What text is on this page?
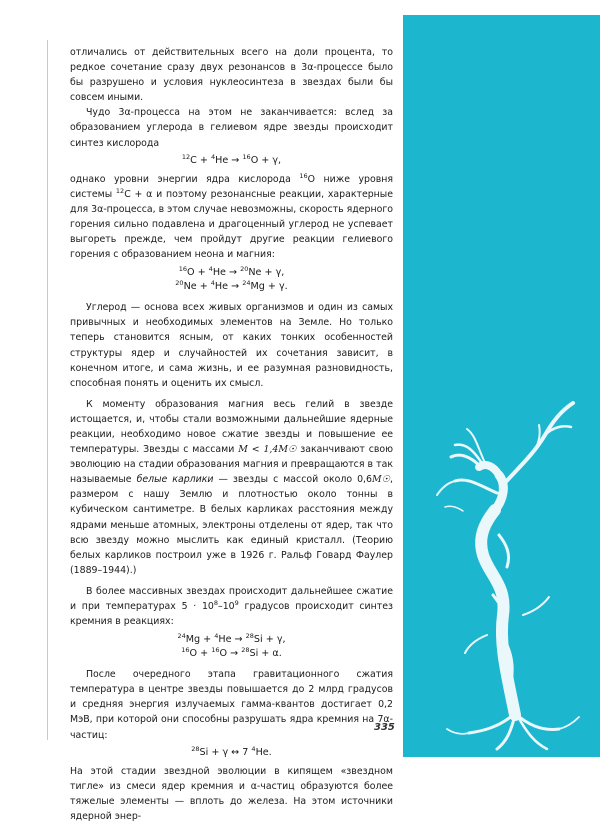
отличались от действительных всего на доли процента, то редкое сочетание сразу двух резонансов в 3α-процессе было бы разрушено и условия нуклеосинтеза в звездах были бы совсем иными.

Чудо 3α-процесса на этом не заканчивается: вслед за образованием углерода в гелиевом ядре звезды происходит синтез кислорода

$^{12}$C + $^4$He → $^{16}$O + γ,

однако уровни энергии ядра кислорода $^{16}$O ниже уровня системы $^{12}$C + α и поэтому резонансные реакции, характерные для 3α-процесса, в этом случае невозможны, скорость ядерного горения сильно подавлена и драгоценный углерод не успевает выгореть прежде, чем пройдут другие реакции гелиевого горения с образованием неона и магния:

$^{16}$O + $^4$He → $^{20}$Ne + γ,
$^{20}$Ne + $^4$He → $^{24}$Mg + γ.

Углерод — основа всех живых организмов и один из самых привычных и необходимых элементов на Земле. Но только теперь становится ясным, от каких тонких особенностей структуры ядер и случайностей их сочетания зависит, в конечном итоге, и сама жизнь, и ее разумная разновидность, способная понять и оценить их смысл.

К моменту образования магния весь гелий в звезде истощается, и, чтобы стали возможными дальнейшие ядерные реакции, необходимо новое сжатие звезды и повышение ее температуры. Звезды с массами M < 1,4M☉ заканчивают свою эволюцию на стадии образования магния и превращаются в так называемые белые карлики — звезды с массой около 0,6M☉, размером с нашу Землю и плотностью около тонны в кубическом сантиметре. В белых карликах расстояния между ядрами меньше атомных, электроны отделены от ядер, так что всю звезду можно мыслить как единый кристалл. (Теорию белых карликов построил уже в 1926 г. Ральф Говард Фаулер (1889–1944).)

В более массивных звездах происходит дальнейшее сжатие и при температурах $5 \cdot 10^8-10^9$ градусов происходит синтез кремния в реакциях:

$^{24}$Mg + $^4$He → $^{28}$Si + γ,
$^{16}$O + $^{16}$O → $^{28}$Si + α.

После очередного этапа гравитационного сжатия температура в центре звезды повышается до 2 млрд градусов и средняя энергия излучаемых гамма-квантов достигает 0,2 МэВ, при которой они способны разрушать ядра кремния на 7α-частиц:

$^{28}$Si + γ ↔ 7 $^4$He.

На этой стадии звездной эволюции в кипящем «звездном тигле» из смеси ядер кремния и α-частиц образуются более тяжелые элементы — вплоть до железа. На этом источники ядерной энер-

335
